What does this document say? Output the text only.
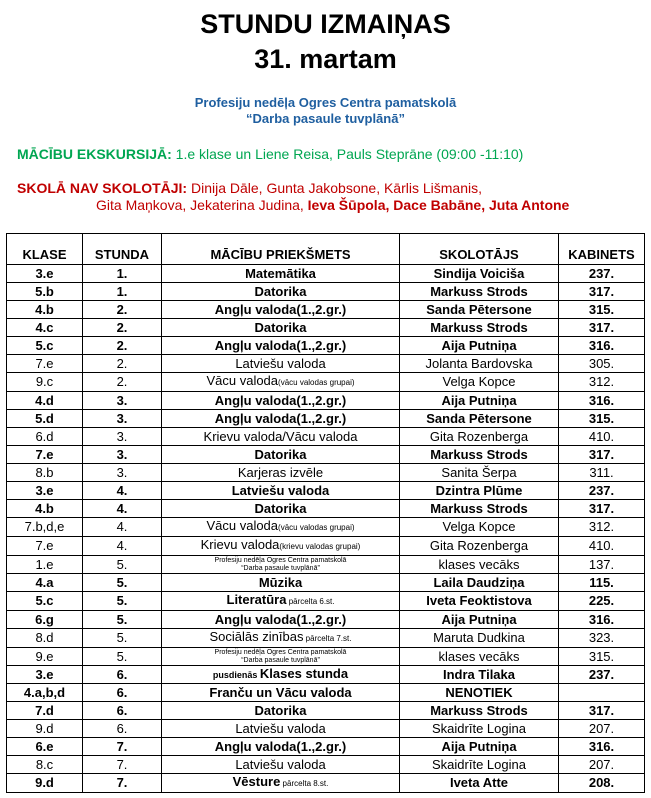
STUNDU IZMAIŅAS
31. martam
Profesiju nedēļa Ogres Centra pamatskolā
“Darba pasaule tuvplānā”
MĀCĪBU EKSKURSIJĀ: 1.e klase un Liene Reisa, Pauls Steprāne (09:00 -11:10)
SKOLĀ NAV SKOLOTĀJI: Dinija Dāle, Gunta Jakobsone, Kārlis Lišmanis,
Gita Maņkova, Jekaterina Judina, Ieva Šūpola, Dace Babāne, Juta Antone
KLASE	STUNDA	MĀCĪBU PRIEKŠMETS	SKOLOTĀJS	KABINETS
3.e	1.	Matemātika	Sindija Voiciša	237.
5.b	1.	Datorika	Markuss Strods	317.
4.b	2.	Angļu valoda(1.,2.gr.)	Sanda Pētersone	315.
4.c	2.	Datorika	Markuss Strods	317.
5.c	2.	Angļu valoda(1.,2.gr.)	Aija Putniņa	316.
7.e	2.	Latviešu valoda	Jolanta Bardovska	305.
9.c	2.	Vācu valoda(vācu valodas grupai)	Velga Kopce	312.
4.d	3.	Angļu valoda(1.,2.gr.)	Aija Putniņa	316.
5.d	3.	Angļu valoda(1.,2.gr.)	Sanda Pētersone	315.
6.d	3.	Krievu valoda/Vācu valoda	Gita Rozenberga	410.
7.e	3.	Datorika	Markuss Strods	317.
8.b	3.	Karjeras izvēle	Sanita Šerpa	311.
3.e	4.	Latviešu valoda	Dzintra Plūme	237.
4.b	4.	Datorika	Markuss Strods	317.
7.b,d,e	4.	Vācu valoda(vācu valodas grupai)	Velga Kopce	312.
7.e	4.	Krievu valoda(krievu valodas grupai)	Gita Rozenberga	410.
1.e	5.	Profesiju nedēļa Ogres Centra pamatskolā
“Darba pasaule tuvplānā”	klases vecāks	137.
4.a	5.	Mūzika	Laila Daudziņa	115.
5.c	5.	Literatūra pārcelta 6.st.	Iveta Feoktistova	225.
6.g	5.	Angļu valoda(1.,2.gr.)	Aija Putniņa	316.
8.d	5.	Sociālās zinības pārcelta 7.st.	Maruta Dudkina	323.
9.e	5.	Profesiju nedēļa Ogres Centra pamatskolā
“Darba pasaule tuvplānā”	klases vecāks	315.
3.e	6.	pusdienās Klases stunda	Indra Tilaka	237.
4.a,b,d	6.	Franču un Vācu valoda	NENOTIEK	
7.d	6.	Datorika	Markuss Strods	317.
9.d	6.	Latviešu valoda	Skaidrīte Logina	207.
6.e	7.	Angļu valoda(1.,2.gr.)	Aija Putniņa	316.
8.c	7.	Latviešu valoda	Skaidrīte Logina	207.
9.d	7.	Vēsture pārcelta 8.st.	Iveta Atte	208.
